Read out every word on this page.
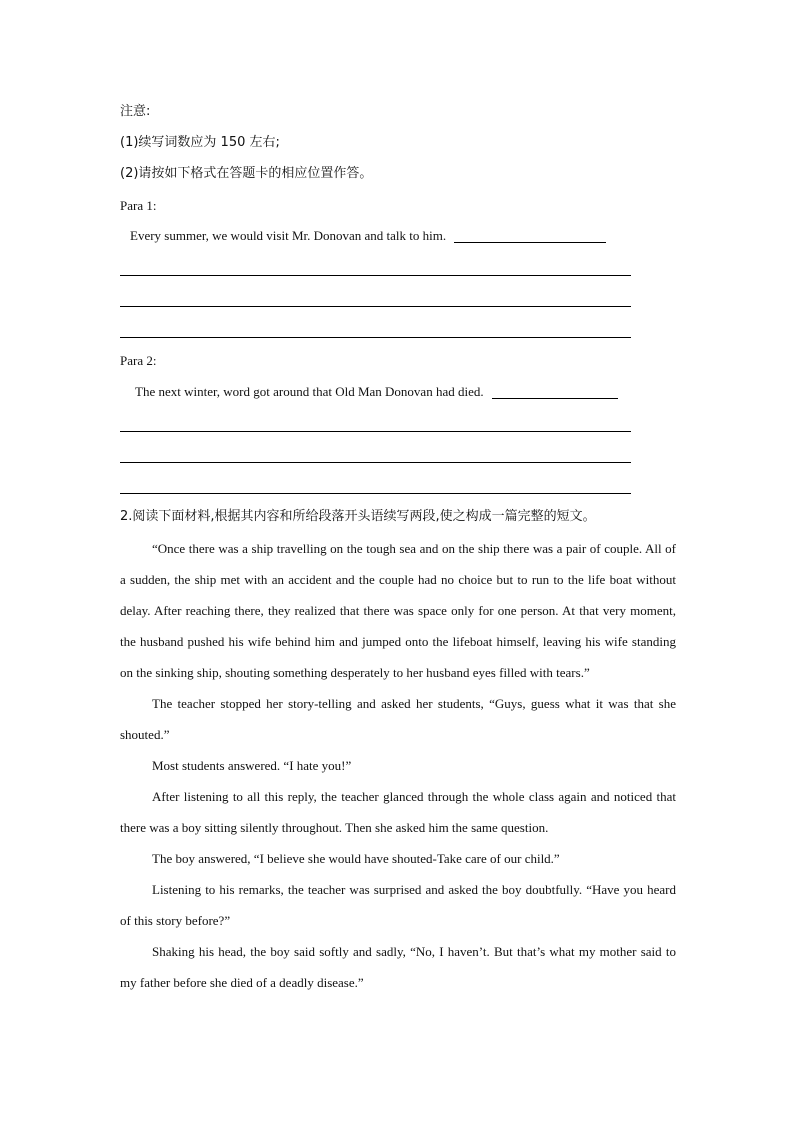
注意:
(1)续写词数应为 150 左右;
(2)请按如下格式在答题卡的相应位置作答。
Para 1:
Every summer, we would visit Mr. Donovan and talk to him.
Para 2:
The next winter, word got around that Old Man Donovan had died.
2.阅读下面材料,根据其内容和所给段落开头语续写两段,使之构成一篇完整的短文。

“Once there was a ship travelling on the tough sea and on the ship there was a pair of couple. All of a sudden, the ship met with an accident and the couple had no choice but to run to the life boat without delay. After reaching there, they realized that there was space only for one person. At that very moment, the husband pushed his wife behind him and jumped onto the lifeboat himself, leaving his wife standing on the sinking ship, shouting something desperately to her husband eyes filled with tears.”

The teacher stopped her story-telling and asked her students, “Guys, guess what it was that she shouted.”

Most students answered. “I hate you!”

After listening to all this reply, the teacher glanced through the whole class again and noticed that there was a boy sitting silently throughout. Then she asked him the same question.

The boy answered, “I believe she would have shouted-Take care of our child.”

Listening to his remarks, the teacher was surprised and asked the boy doubtfully. “Have you heard of this story before?”

Shaking his head, the boy said softly and sadly, “No, I haven’t. But that’s what my mother said to my father before she died of a deadly disease.”
